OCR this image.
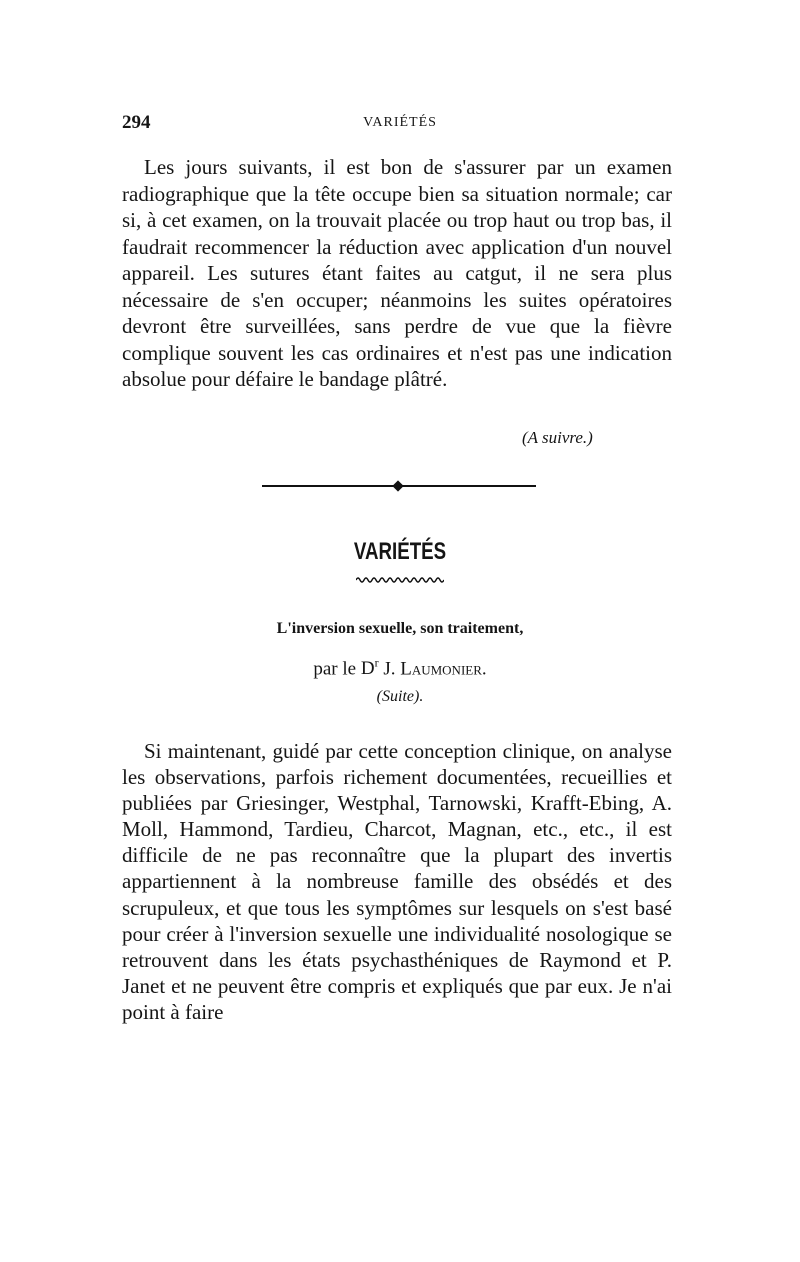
294	VARIÉTÉS

Les jours suivants, il est bon de s'assurer par un examen radiographique que la tête occupe bien sa situation normale; car si, à cet examen, on la trouvait placée ou trop haut ou trop bas, il faudrait recommencer la réduction avec application d'un nouvel appareil. Les sutures étant faites au catgut, il ne sera plus nécessaire de s'en occuper; néanmoins les suites opératoires devront être surveillées, sans perdre de vue que la fièvre complique souvent les cas ordinaires et n'est pas une indication absolue pour défaire le bandage plâtré.

(A suivre.)
VARIÉTÉS
L'inversion sexuelle, son traitement,
par le $D^r$ J. Laumonier.
(Suite).

Si maintenant, guidé par cette conception clinique, on analyse les observations, parfois richement documentées, recueillies et publiées par Griesinger, Westphal, Tarnowski, Krafft-Ebing, A. Moll, Hammond, Tardieu, Charcot, Magnan, etc., etc., il est difficile de ne pas reconnaître que la plupart des invertis appartiennent à la nombreuse famille des obsédés et des scrupuleux, et que tous les symptômes sur lesquels on s'est basé pour créer à l'inversion sexuelle une individualité nosologique se retrouvent dans les états psychasthéniques de Raymond et P. Janet et ne peuvent être compris et expliqués que par eux. Je n'ai point à faire
